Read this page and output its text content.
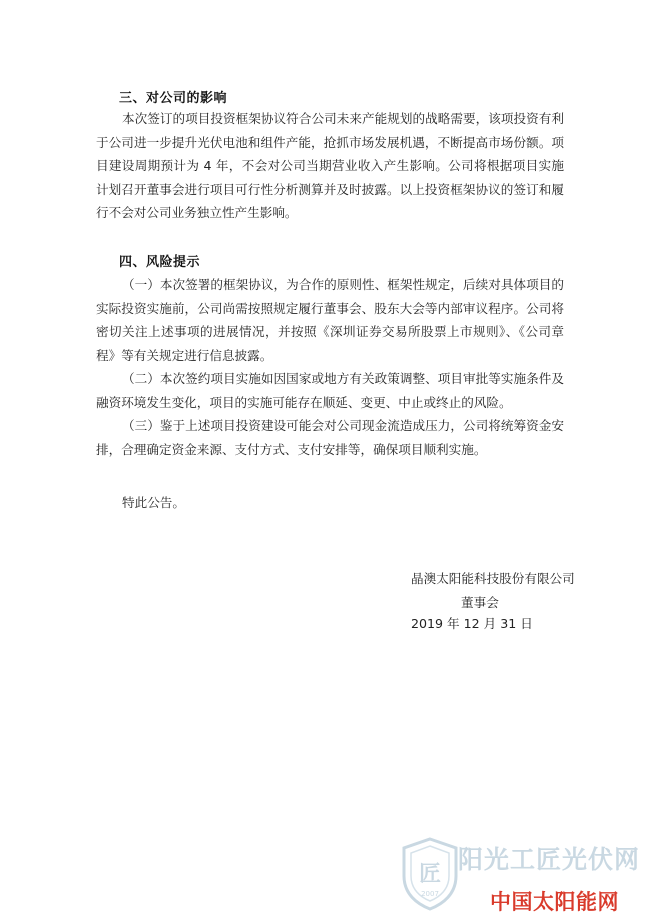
三、对公司的影响

本次签订的项目投资框架协议符合公司未来产能规划的战略需要，该项投资有利于公司进一步提升光伏电池和组件产能，抢抓市场发展机遇，不断提高市场份额。项目建设周期预计为 4 年，不会对公司当期营业收入产生影响。公司将根据项目实施计划召开董事会进行项目可行性分析测算并及时披露。以上投资框架协议的签订和履行不会对公司业务独立性产生影响。

四、风险提示

（一）本次签署的框架协议，为合作的原则性、框架性规定，后续对具体项目的实际投资实施前，公司尚需按照规定履行董事会、股东大会等内部审议程序。公司将密切关注上述事项的进展情况，并按照《深圳证券交易所股票上市规则》、《公司章程》等有关规定进行信息披露。

（二）本次签约项目实施如因国家或地方有关政策调整、项目审批等实施条件及融资环境发生变化，项目的实施可能存在顺延、变更、中止或终止的风险。

（三）鉴于上述项目投资建设可能会对公司现金流造成压力，公司将统筹资金安排，合理确定资金来源、支付方式、支付安排等，确保项目顺利实施。

特此公告。
晶澳太阳能科技股份有限公司
董事会
2019 年 12 月 31 日
匠
2007
阳光工匠光伏网
中国太阳能网
